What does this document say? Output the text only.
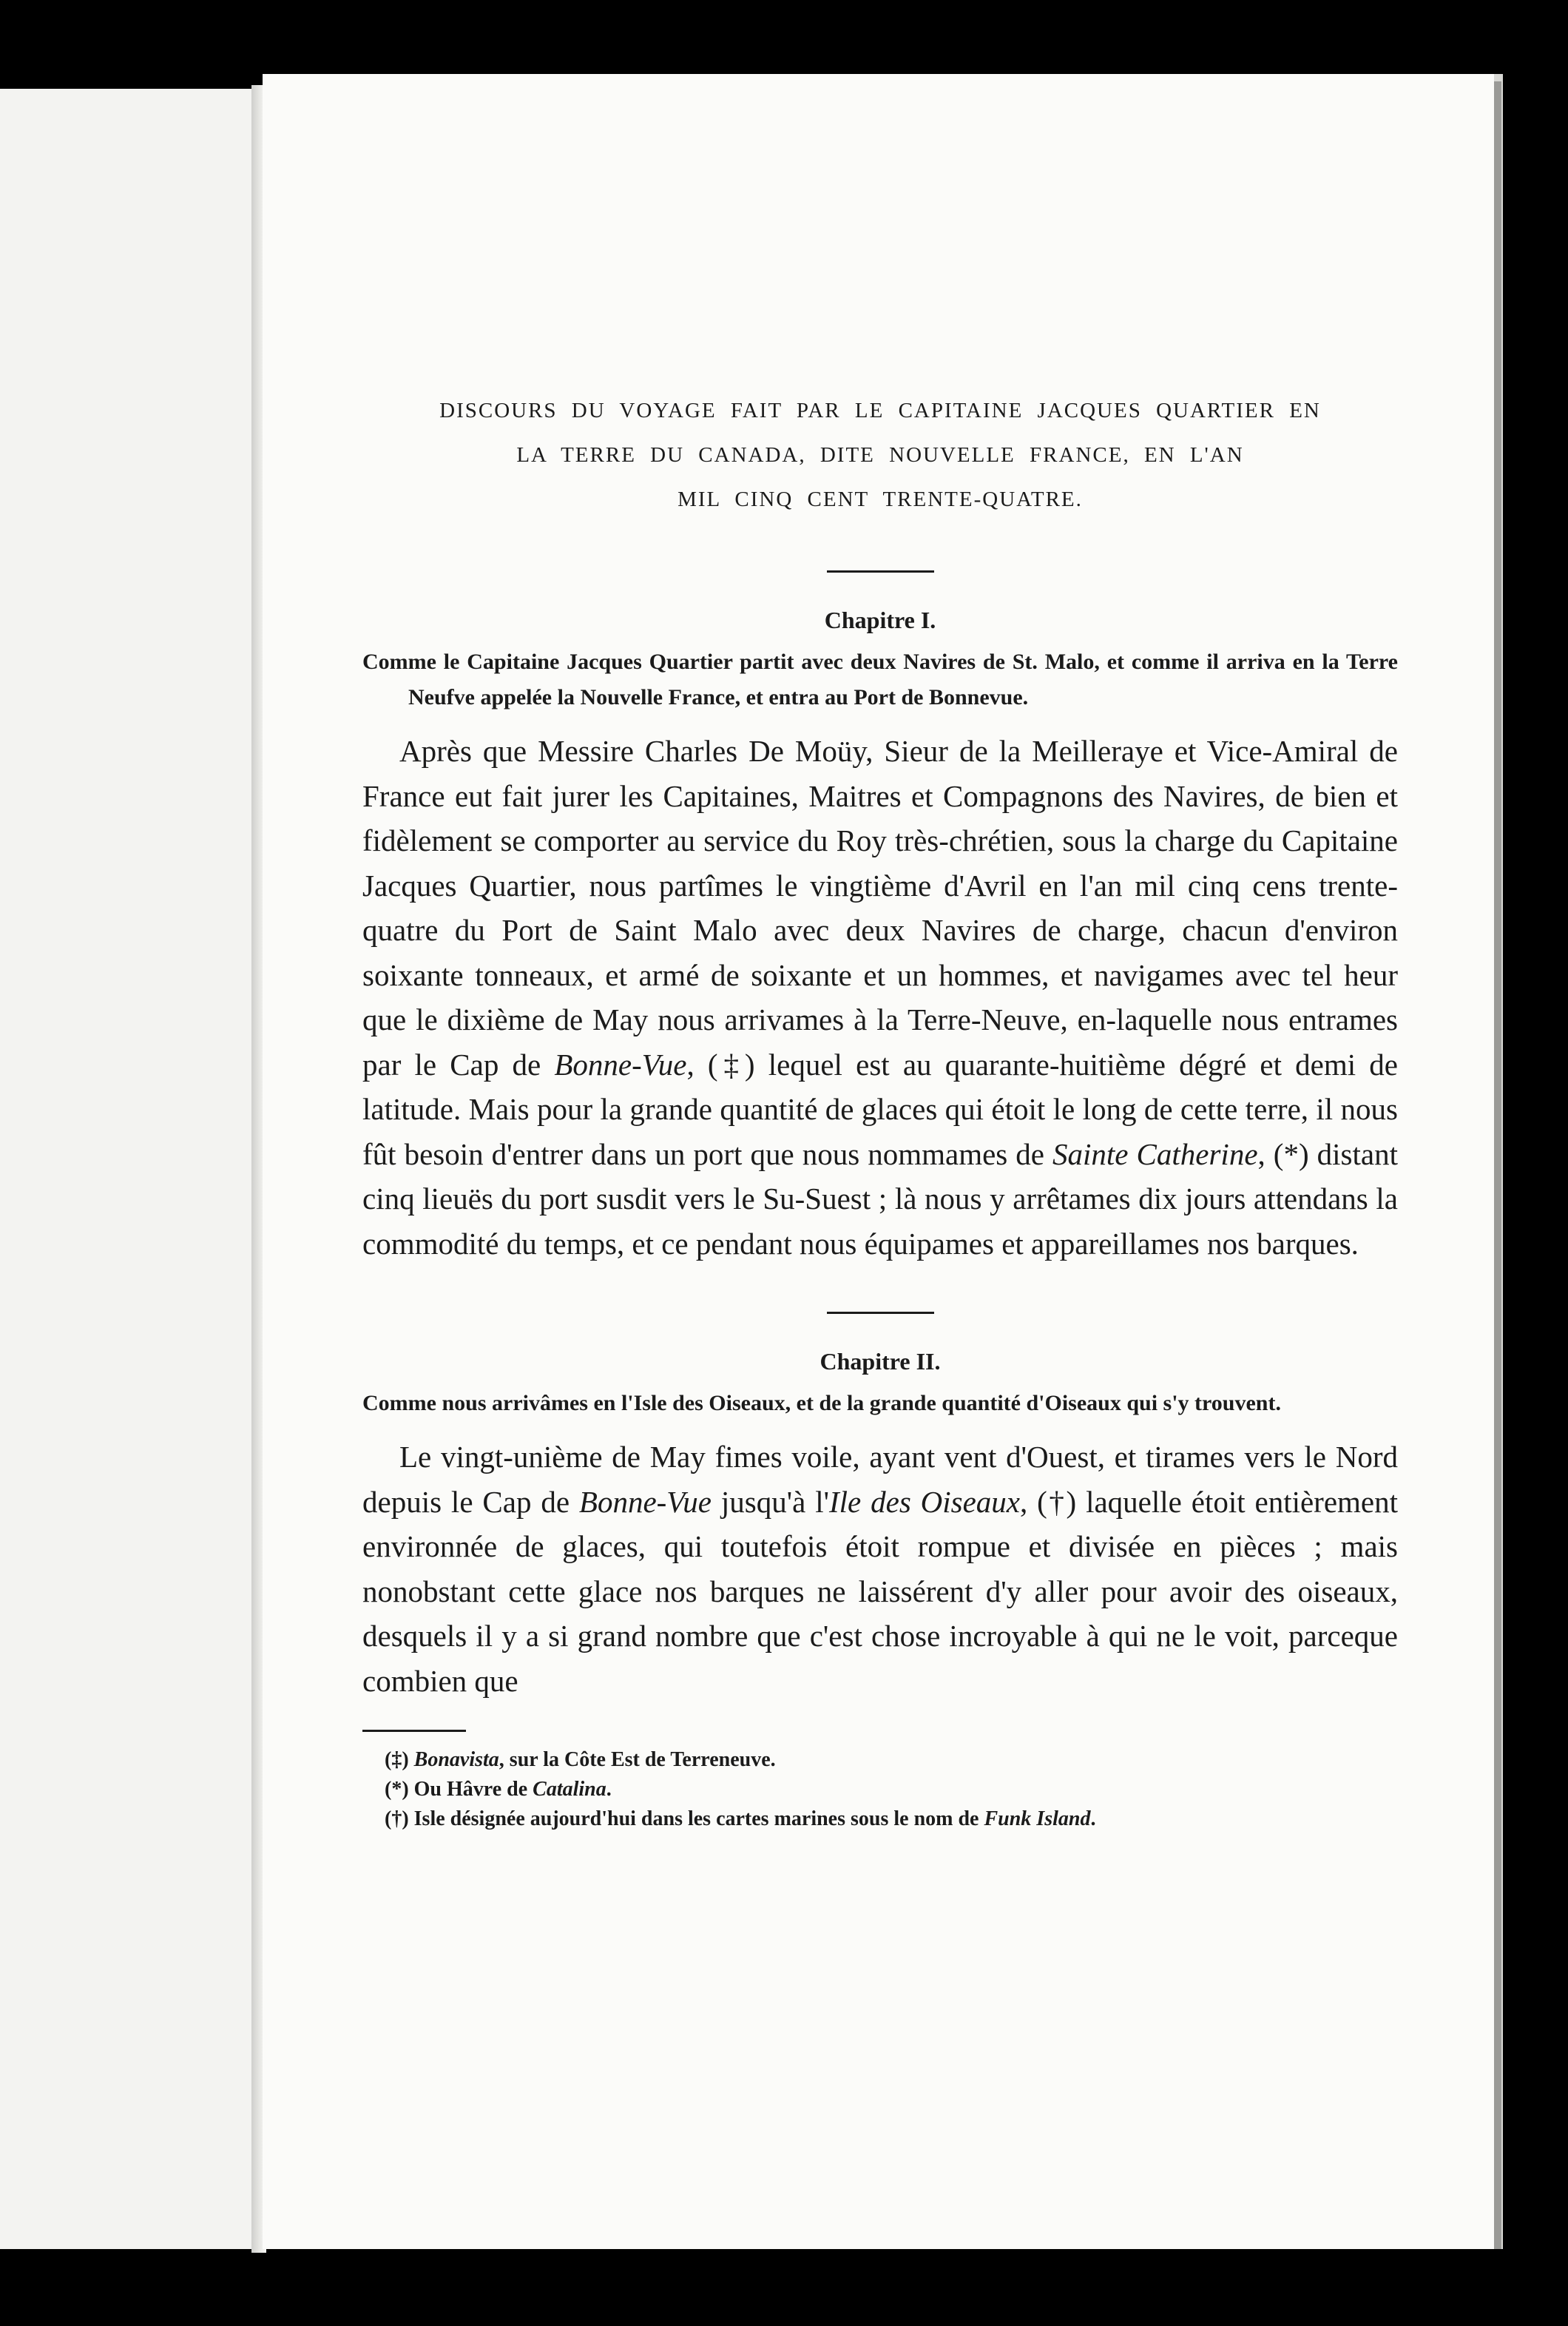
DISCOURS DU VOYAGE FAIT PAR LE CAPITAINE JACQUES QUARTIER EN

LA TERRE DU CANADA, DITE NOUVELLE FRANCE, EN L'AN

MIL CINQ CENT TRENTE-QUATRE.

Chapitre I.

Comme le Capitaine Jacques Quartier partit avec deux Navires de St. Malo, et comme il arriva en la Terre Neufve appelée la Nouvelle France, et entra au Port de Bonnevue.

Après que Messire Charles De Moüy, Sieur de la Meilleraye et Vice-Amiral de France eut fait jurer les Capitaines, Maitres et Compagnons des Navires, de bien et fidèlement se comporter au service du Roy très-chrétien, sous la charge du Capitaine Jacques Quartier, nous partîmes le vingtième d'Avril en l'an mil cinq cens trente-quatre du Port de Saint Malo avec deux Navires de charge, chacun d'environ soixante tonneaux, et armé de soixante et un hommes, et navigames avec tel heur que le dixième de May nous arrivames à la Terre-Neuve, en-laquelle nous entrames par le Cap de Bonne-Vue, (‡) lequel est au quarante-huitième dégré et demi de latitude. Mais pour la grande quantité de glaces qui étoit le long de cette terre, il nous fût besoin d'entrer dans un port que nous nommames de Sainte Catherine, (*) distant cinq lieuës du port susdit vers le Su-Suest ; là nous y arrêtames dix jours attendans la commodité du temps, et ce pendant nous équipames et appareillames nos barques.

Chapitre II.

Comme nous arrivâmes en l'Isle des Oiseaux, et de la grande quantité d'Oiseaux qui s'y trouvent.

Le vingt-unième de May fimes voile, ayant vent d'Ouest, et tirames vers le Nord depuis le Cap de Bonne-Vue jusqu'à l'Ile des Oiseaux, (†) laquelle étoit entièrement environnée de glaces, qui toutefois étoit rompue et divisée en pièces ; mais nonobstant cette glace nos barques ne laissérent d'y aller pour avoir des oiseaux, desquels il y a si grand nombre que c'est chose incroyable à qui ne le voit, parceque combien que

(‡) Bonavista, sur la Côte Est de Terreneuve.

(*) Ou Hâvre de Catalina.

(†) Isle désignée aujourd'hui dans les cartes marines sous le nom de Funk Island.
